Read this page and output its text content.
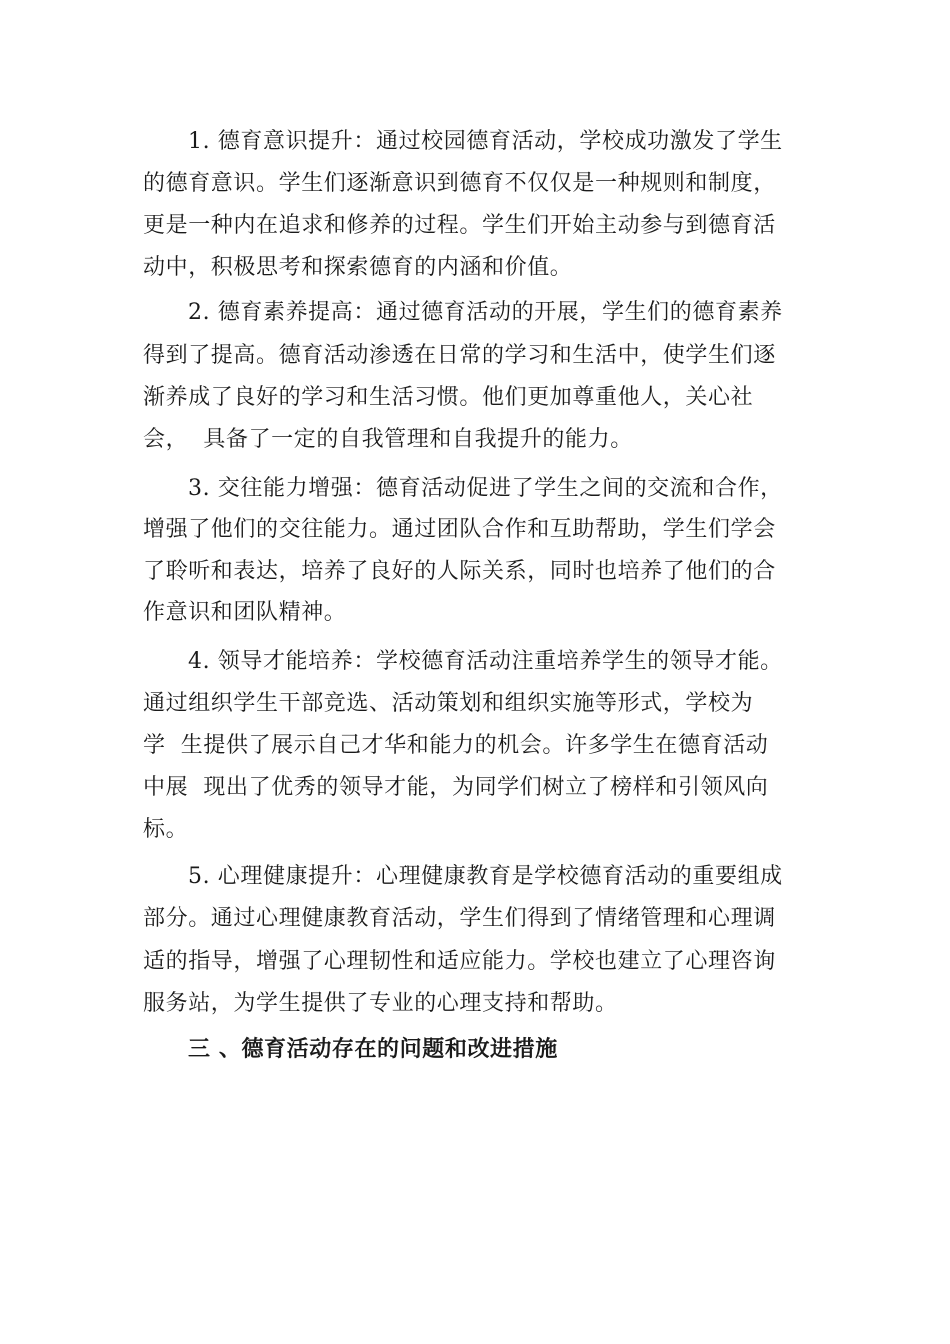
1. 德育意识提升：通过校园德育活动，学校成功激发了学生
的德育意识。学生们逐渐意识到德育不仅仅是一种规则和制度，
更是一种内在追求和修养的过程。学生们开始主动参与到德育活
动中，积极思考和探索德育的内涵和价值。
2. 德育素养提高：通过德育活动的开展，学生们的德育素养
得到了提高。德育活动渗透在日常的学习和生活中，使学生们逐
渐养成了良好的学习和生活习惯。他们更加尊重他人，关心社
会，  具备了一定的自我管理和自我提升的能力。
3. 交往能力增强：德育活动促进了学生之间的交流和合作，
增强了他们的交往能力。通过团队合作和互助帮助，学生们学会
了聆听和表达，培养了良好的人际关系，同时也培养了他们的合
作意识和团队精神。
4. 领导才能培养：学校德育活动注重培养学生的领导才能。
通过组织学生干部竞选、活动策划和组织实施等形式，学校为
学  生提供了展示自己才华和能力的机会。许多学生在德育活动
中展  现出了优秀的领导才能，为同学们树立了榜样和引领风向
标。
5. 心理健康提升：心理健康教育是学校德育活动的重要组成
部分。通过心理健康教育活动，学生们得到了情绪管理和心理调
适的指导，增强了心理韧性和适应能力。学校也建立了心理咨询
服务站，为学生提供了专业的心理支持和帮助。
三 、德育活动存在的问题和改进措施
